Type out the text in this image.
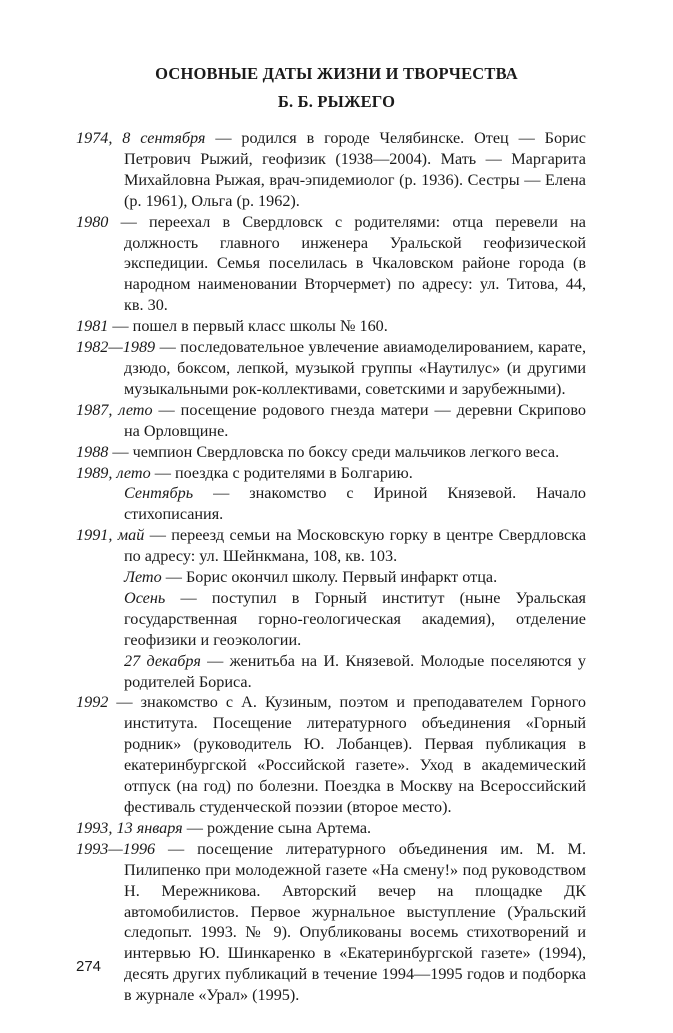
ОСНОВНЫЕ ДАТЫ ЖИЗНИ И ТВОРЧЕСТВА
Б. Б. РЫЖЕГО

1974, 8 сентября — родился в городе Челябинске. Отец — Борис Петрович Рыжий, геофизик (1938—2004). Мать — Маргарита Михайловна Рыжая, врач-эпидемиолог (р. 1936). Сестры — Елена (р. 1961), Ольга (р. 1962).

1980 — переехал в Свердловск с родителями: отца перевели на должность главного инженера Уральской геофизической экспедиции. Семья поселилась в Чкаловском районе города (в народном наименовании Вторчермет) по адресу: ул. Титова, 44, кв. 30.

1981 — пошел в первый класс школы № 160.

1982—1989 — последовательное увлечение авиамоделированием, карате, дзюдо, боксом, лепкой, музыкой группы «Наутилус» (и другими музыкальными рок-коллективами, советскими и зарубежными).

1987, лето — посещение родового гнезда матери — деревни Скрипово на Орловщине.

1988 — чемпион Свердловска по боксу среди мальчиков легкого веса.

1989, лето — поездка с родителями в Болгарию.

Сентябрь — знакомство с Ириной Князевой. Начало стихописания.

1991, май — переезд семьи на Московскую горку в центре Свердловска по адресу: ул. Шейнкмана, 108, кв. 103.

Лето — Борис окончил школу. Первый инфаркт отца.

Осень — поступил в Горный институт (ныне Уральская государственная горно-геологическая академия), отделение геофизики и геоэкологии.

27 декабря — женитьба на И. Князевой. Молодые поселяются у родителей Бориса.

1992 — знакомство с А. Кузиным, поэтом и преподавателем Горного института. Посещение литературного объединения «Горный родник» (руководитель Ю. Лобанцев). Первая публикация в екатеринбургской «Российской газете». Уход в академический отпуск (на год) по болезни. Поездка в Москву на Всероссийский фестиваль студенческой поэзии (второе место).

1993, 13 января — рождение сына Артема.

1993—1996 — посещение литературного объединения им. М. М. Пилипенко при молодежной газете «На смену!» под руководством Н. Мережникова. Авторский вечер на площадке ДК автомобилистов. Первое журнальное выступление (Уральский следопыт. 1993. № 9). Опубликованы восемь стихотворений и интервью Ю. Шинкаренко в «Екатеринбургской газете» (1994), десять других публикаций в течение 1994—1995 годов и подборка в журнале «Урал» (1995).

274
